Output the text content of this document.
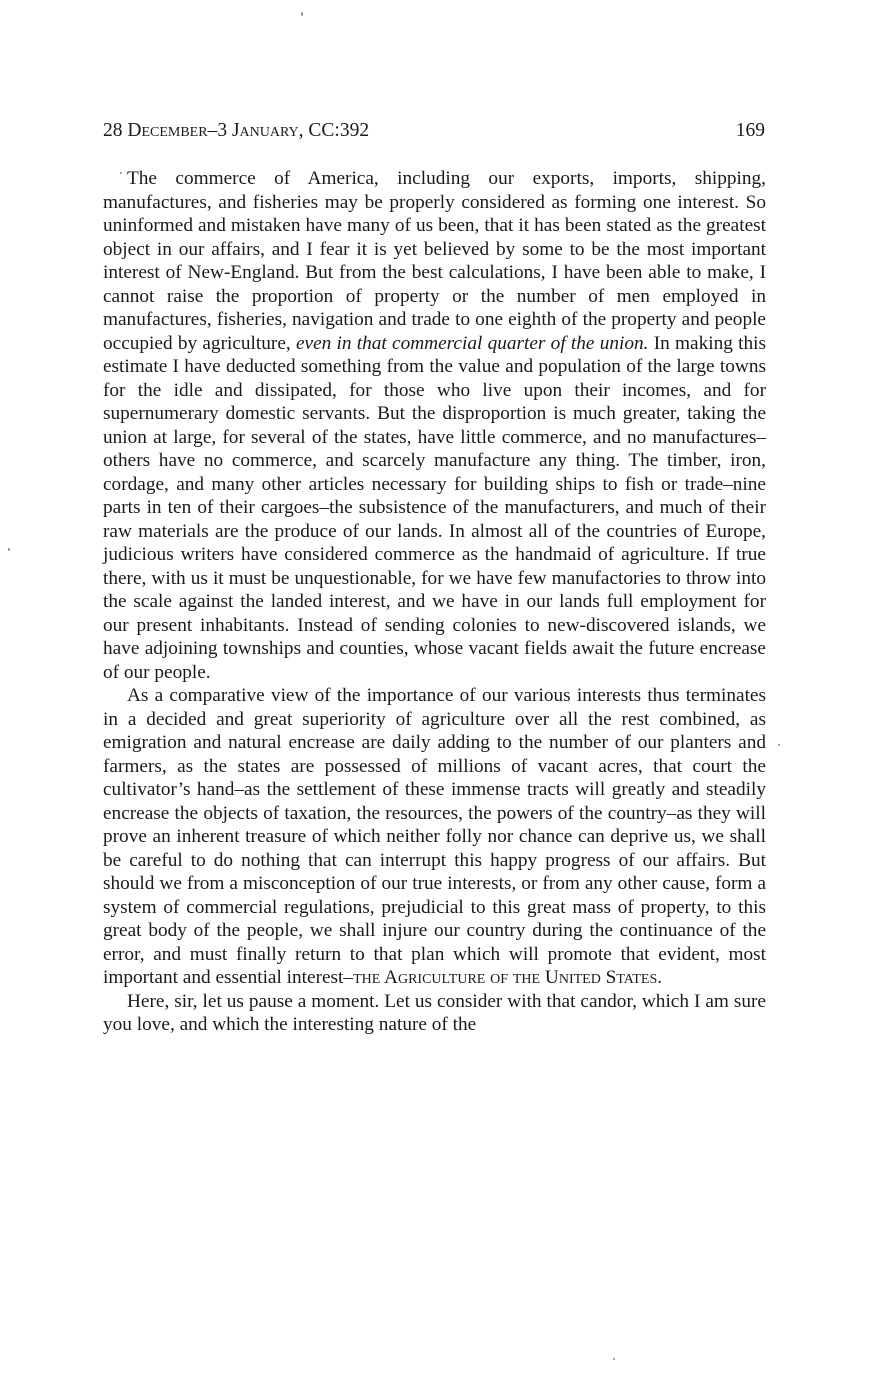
28 December–3 January, CC:392	169

The commerce of America, including our exports, imports, shipping, manufactures, and fisheries may be properly considered as forming one interest. So uninformed and mistaken have many of us been, that it has been stated as the greatest object in our affairs, and I fear it is yet believed by some to be the most important interest of New-England. But from the best calculations, I have been able to make, I cannot raise the proportion of property or the number of men employed in manufactures, fisheries, navigation and trade to one eighth of the property and people occupied by agriculture, even in that commercial quarter of the union. In making this estimate I have deducted something from the value and population of the large towns for the idle and dissipated, for those who live upon their incomes, and for supernumerary domestic servants. But the disproportion is much greater, taking the union at large, for several of the states, have little commerce, and no manufactures–others have no commerce, and scarcely manufacture any thing. The timber, iron, cordage, and many other articles necessary for building ships to fish or trade–nine parts in ten of their cargoes–the subsistence of the manufacturers, and much of their raw materials are the produce of our lands. In almost all of the countries of Europe, judicious writers have considered commerce as the handmaid of agriculture. If true there, with us it must be unquestionable, for we have few manufactories to throw into the scale against the landed interest, and we have in our lands full employment for our present inhabitants. Instead of sending colonies to new-discovered islands, we have adjoining townships and counties, whose vacant fields await the future encrease of our people.

As a comparative view of the importance of our various interests thus terminates in a decided and great superiority of agriculture over all the rest combined, as emigration and natural encrease are daily adding to the number of our planters and farmers, as the states are possessed of millions of vacant acres, that court the cultivator’s hand–as the settlement of these immense tracts will greatly and steadily encrease the objects of taxation, the resources, the powers of the country–as they will prove an inherent treasure of which neither folly nor chance can deprive us, we shall be careful to do nothing that can interrupt this happy progress of our affairs. But should we from a misconception of our true interests, or from any other cause, form a system of commercial regulations, prejudicial to this great mass of property, to this great body of the people, we shall injure our country during the continuance of the error, and must finally return to that plan which will promote that evident, most important and essential interest–the Agriculture of the United States.

Here, sir, let us pause a moment. Let us consider with that candor, which I am sure you love, and which the interesting nature of the
